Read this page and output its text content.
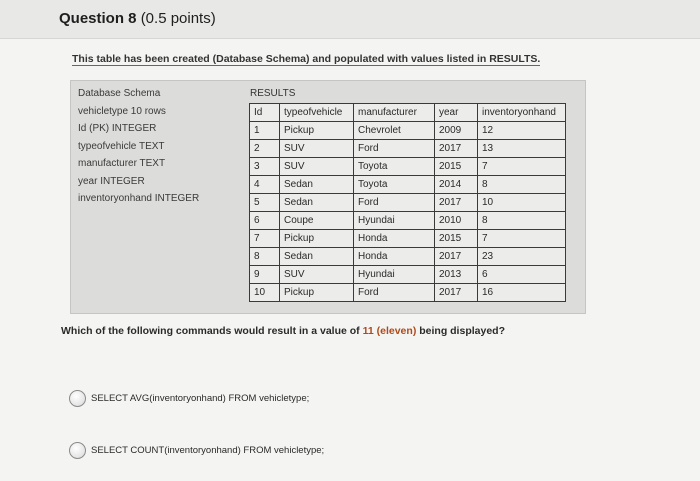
Question 8 (0.5 points)
This table has been created (Database Schema) and populated with values listed in RESULTS.
Database Schema
vehicletype 10 rows
Id (PK) INTEGER
typeofvehicle TEXT
manufacturer TEXT
year INTEGER
inventoryonhand INTEGER
RESULTS
Id	typeofvehicle	manufacturer	year	inventoryonhand
1	Pickup	Chevrolet	2009	12
2	SUV	Ford	2017	13
3	SUV	Toyota	2015	7
4	Sedan	Toyota	2014	8
5	Sedan	Ford	2017	10
6	Coupe	Hyundai	2010	8
7	Pickup	Honda	2015	7
8	Sedan	Honda	2017	23
9	SUV	Hyundai	2013	6
10	Pickup	Ford	2017	16
Which of the following commands would result in a value of 11 (eleven) being displayed?
SELECT AVG(inventoryonhand) FROM vehicletype;
SELECT COUNT(inventoryonhand) FROM vehicletype;
